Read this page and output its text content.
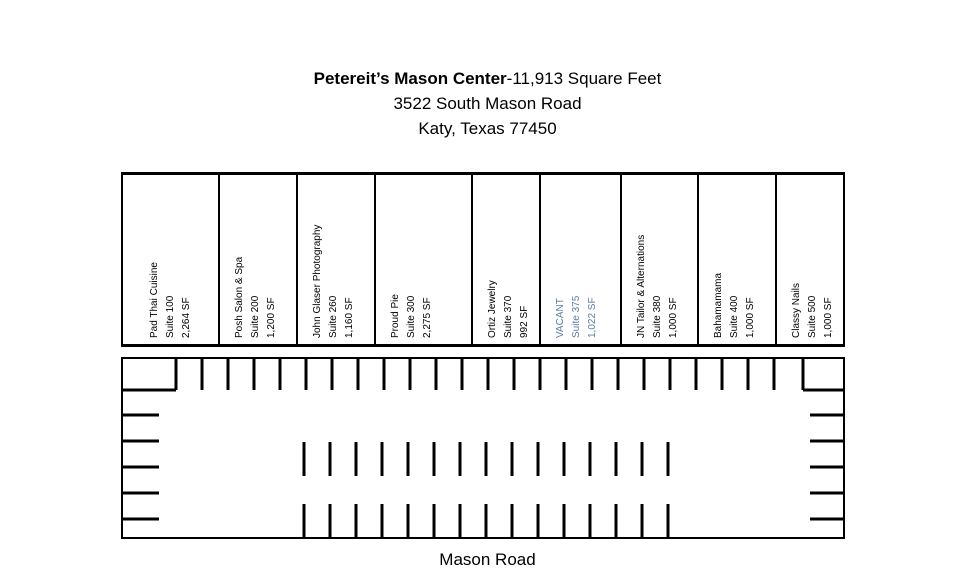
Petereit’s Mason Center-11,913 Square Feet
3522 South Mason Road
Katy, Texas 77450
Pad Thai Cuisine Suite 100 2,264 SF	Posh Salon & Spa Suite 200 1,200 SF	John Glaser Photography Suite 260 1,160 SF	Proud Pie Suite 300 2,275 SF	Ortiz Jewelry Suite 370 992 SF	VACANT Suite 375 1,022 SF	JN Tailor & Alternations Suite 380 1,000 SF	Bahamamama Suite 400 1,000 SF	Classy Nails Suite 500 1,000 SF
Mason Road
